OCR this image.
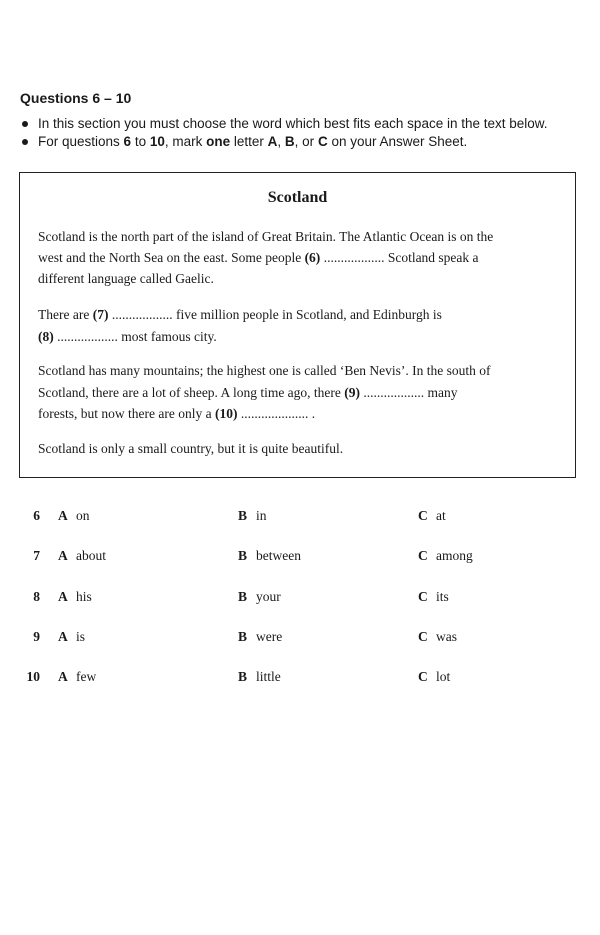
Questions 6 – 10
In this section you must choose the word which best fits each space in the text below.
For questions 6 to 10, mark one letter A, B, or C on your Answer Sheet.
Scotland
Scotland is the north part of the island of Great Britain. The Atlantic Ocean is on the
west and the North Sea on the east. Some people (6) .................. Scotland speak a
different language called Gaelic.
There are (7) .................. five million people in Scotland, and Edinburgh is
(8) .................. most famous city.
Scotland has many mountains; the highest one is called ‘Ben Nevis’. In the south of
Scotland, there are a lot of sheep. A long time ago, there (9) .................. many
forests, but now there are only a (10) .................... .
Scotland is only a small country, but it is quite beautiful.
6 A on	B in	C at
7 A about	B between	C among
8 A his	B your	C its
9 A is	B were	C was
10 A few	B little	C lot
